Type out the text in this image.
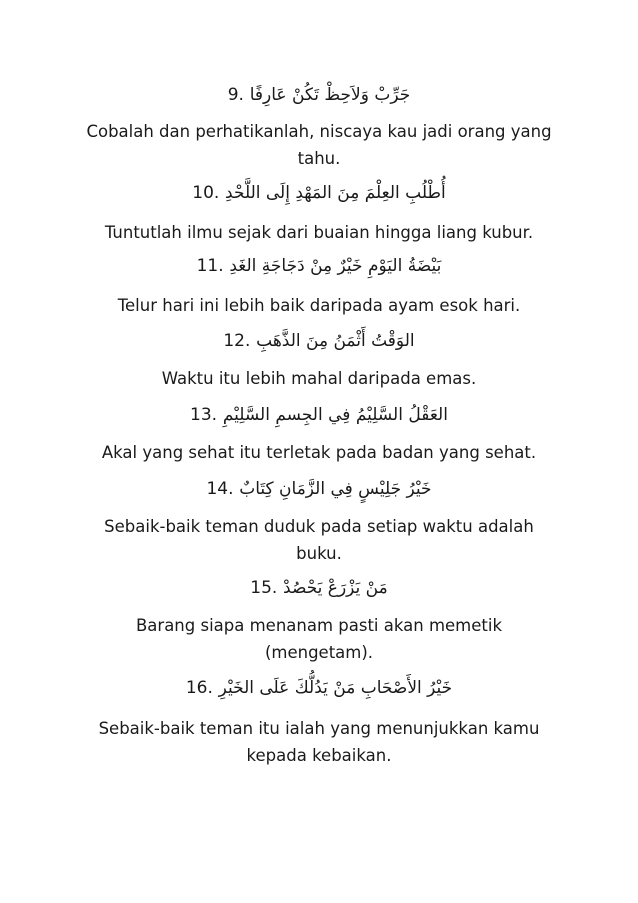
9. جَرِّبْ وَلاَحِظْ تَكُنْ عَارِفًا
Cobalah dan perhatikanlah, niscaya kau jadi orang yang
tahu.
10. أُطْلُبِ العِلْمَ مِنَ المَهْدِ إِلَى اللَّحْدِ
Tuntutlah ilmu sejak dari buaian hingga liang kubur.
11. بَيْضَةُ اليَوْمِ خَيْرٌ مِنْ دَجَاجَةِ الغَدِ
Telur hari ini lebih baik daripada ayam esok hari.
12. الوَقْتُ أَثْمَنُ مِنَ الذَّهَبِ
Waktu itu lebih mahal daripada emas.
13. العَقْلُ السَّلِيْمُ فِي الجِسمِ السَّلِيْمِ
Akal yang sehat itu terletak pada badan yang sehat.
14. خَيْرُ جَلِيْسٍ فِي الزَّمَانِ كِتَابٌ
Sebaik-baik teman duduk pada setiap waktu adalah
buku.
15. مَنْ يَزْرَعْ يَحْصُدْ
Barang siapa menanam pasti akan memetik
(mengetam).
16. خَيْرُ الأَصْحَابِ مَنْ يَدُلُّكَ عَلَى الخَيْرِ
Sebaik-baik teman itu ialah yang menunjukkan kamu
kepada kebaikan.
